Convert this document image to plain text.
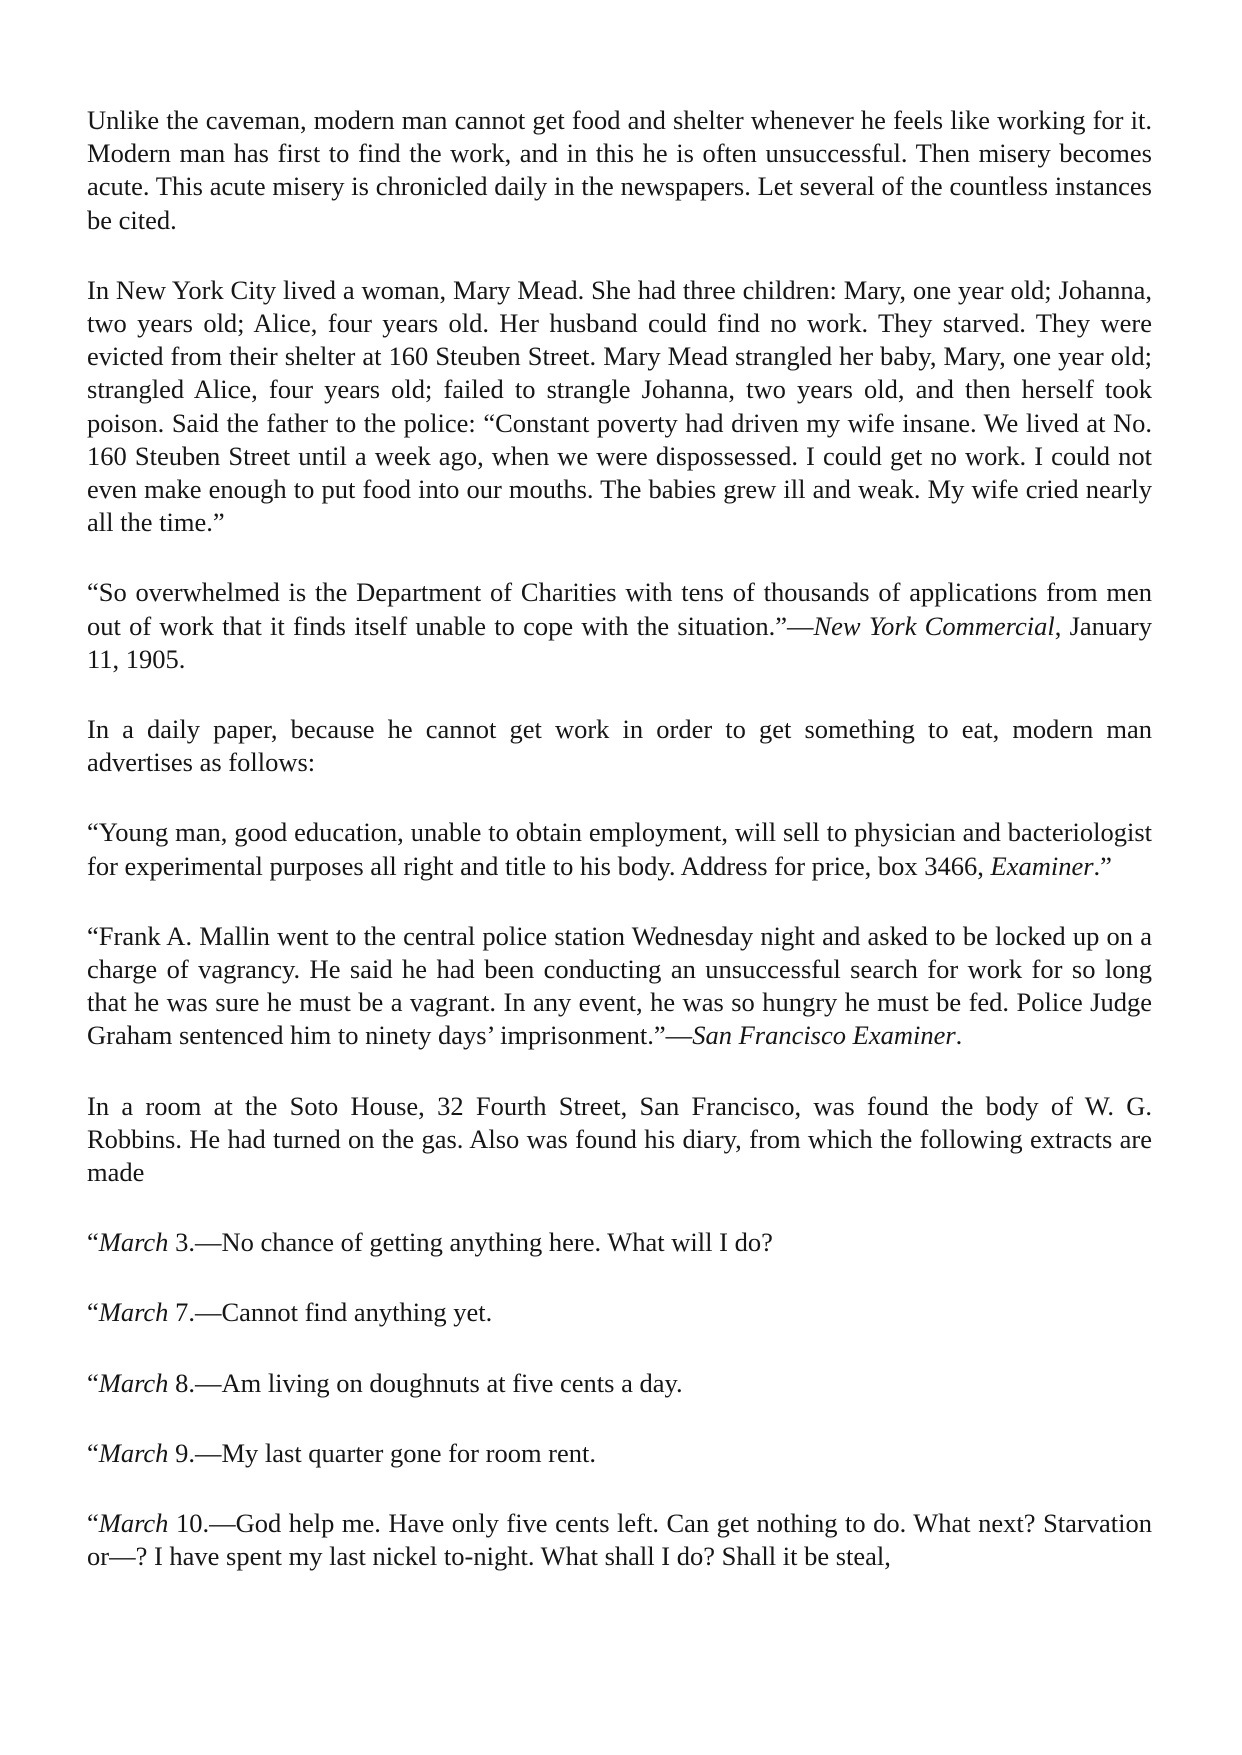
Unlike the caveman, modern man cannot get food and shelter whenever he feels like working for it. Modern man has first to find the work, and in this he is often unsuccessful. Then misery becomes acute. This acute misery is chronicled daily in the newspapers. Let several of the countless instances be cited.

In New York City lived a woman, Mary Mead. She had three children: Mary, one year old; Johanna, two years old; Alice, four years old. Her husband could find no work. They starved. They were evicted from their shelter at 160 Steuben Street. Mary Mead strangled her baby, Mary, one year old; strangled Alice, four years old; failed to strangle Johanna, two years old, and then herself took poison. Said the father to the police: “Constant poverty had driven my wife insane. We lived at No. 160 Steuben Street until a week ago, when we were dispossessed. I could get no work. I could not even make enough to put food into our mouths. The babies grew ill and weak. My wife cried nearly all the time.”

“So overwhelmed is the Department of Charities with tens of thousands of applications from men out of work that it finds itself unable to cope with the situation.”—New York Commercial, January 11, 1905.

In a daily paper, because he cannot get work in order to get something to eat, modern man advertises as follows:

“Young man, good education, unable to obtain employment, will sell to physician and bacteriologist for experimental purposes all right and title to his body. Address for price, box 3466, Examiner.”

“Frank A. Mallin went to the central police station Wednesday night and asked to be locked up on a charge of vagrancy. He said he had been conducting an unsuccessful search for work for so long that he was sure he must be a vagrant. In any event, he was so hungry he must be fed. Police Judge Graham sentenced him to ninety days’ imprisonment.”—San Francisco Examiner.

In a room at the Soto House, 32 Fourth Street, San Francisco, was found the body of W. G. Robbins. He had turned on the gas. Also was found his diary, from which the following extracts are made

“March 3.—No chance of getting anything here. What will I do?

“March 7.—Cannot find anything yet.

“March 8.—Am living on doughnuts at five cents a day.

“March 9.—My last quarter gone for room rent.

“March 10.—God help me. Have only five cents left. Can get nothing to do. What next? Starvation or—? I have spent my last nickel to-night. What shall I do? Shall it be steal,
